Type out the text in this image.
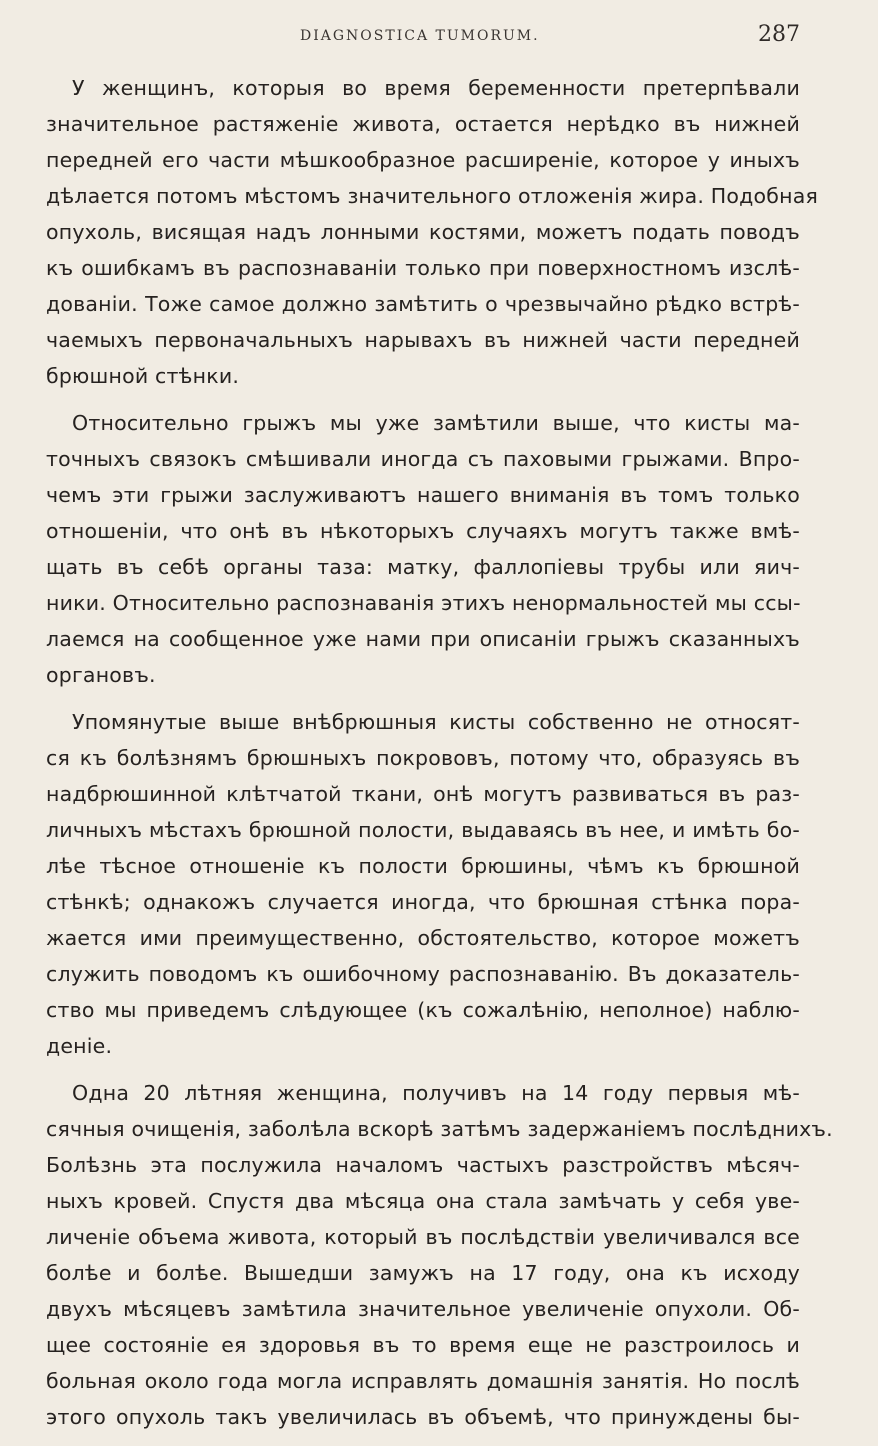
DIAGNOSTICA TUMORUM.	287
У женщинъ, которыя во время беременности претерпѣвали
значительное растяженіе живота, остается нерѣдко въ нижней
передней его части мѣшкообразное расширеніе, которое у иныхъ
дѣлается потомъ мѣстомъ значительного отложенія жира. Подобная
опухоль, висящая надъ лонными костями, можетъ подать поводъ
къ ошибкамъ въ распознаваніи только при поверхностномъ изслѣ-
дованіи. Тоже самое должно замѣтить о чрезвычайно рѣдко встрѣ-
чаемыхъ первоначальныхъ нарывахъ въ нижней части передней
брюшной стѣнки.
Относительно грыжъ мы уже замѣтили выше, что кисты ма-
точныхъ связокъ смѣшивали иногда съ паховыми грыжами. Впро-
чемъ эти грыжи заслуживаютъ нашего вниманія въ томъ только
отношеніи, что онѣ въ нѣкоторыхъ случаяхъ могутъ также вмѣ-
щать въ себѣ органы таза: матку, фаллопіевы трубы или яич-
ники. Относительно распознаванія этихъ ненормальностей мы ссы-
лаемся на сообщенное уже нами при описаніи грыжъ сказанныхъ
органовъ.
Упомянутые выше внѣбрюшныя кисты собственно не относят-
ся къ болѣзнямъ брюшныхъ покрововъ, потому что, образуясь въ
надбрюшинной клѣтчатой ткани, онѣ могутъ развиваться въ раз-
личныхъ мѣстахъ брюшной полости, выдаваясь въ нее, и имѣть бо-
лѣе тѣсное отношеніе къ полости брюшины, чѣмъ къ брюшной
стѣнкѣ; однакожъ случается иногда, что брюшная стѣнка пора-
жается ими преимущественно, обстоятельство, которое можетъ
служить поводомъ къ ошибочному распознаванію. Въ доказатель-
ство мы приведемъ слѣдующее (къ сожалѣнію, неполное) наблю-
деніе.
Одна 20 лѣтняя женщина, получивъ на 14 году первыя мѣ-
сячныя очищенія, заболѣла вскорѣ затѣмъ задержаніемъ послѣднихъ.
Болѣзнь эта послужила началомъ частыхъ разстройствъ мѣсяч-
ныхъ кровей. Спустя два мѣсяца она стала замѣчать у себя уве-
личеніе объема живота, который въ послѣдствіи увеличивался все
болѣе и болѣе. Вышедши замужъ на 17 году, она къ исходу
двухъ мѣсяцевъ замѣтила значительное увеличеніе опухоли. Об-
щее состояніе ея здоровья въ то время еще не разстроилось и
больная около года могла исправлять домашнія занятія. Но послѣ
этого опухоль такъ увеличилась въ объемѣ, что принуждены бы-
